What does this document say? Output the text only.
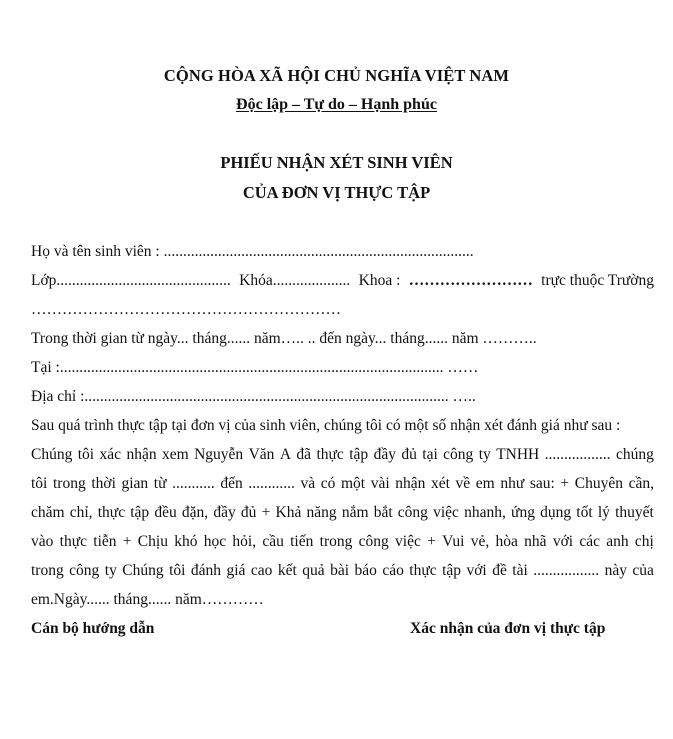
CỘNG HÒA XÃ HỘI CHỦ NGHĨA VIỆT NAM
Độc lập – Tự do – Hạnh phúc
PHIẾU NHẬN XÉT SINH VIÊN
CỦA ĐƠN VỊ THỰC TẬP
Họ và tên sinh viên : ................................................................................
Lớp............................................. Khóa.................... Khoa : …………………… trực thuộc Trường
……………………………………………………
Trong thời gian từ ngày... tháng...... năm….. .. đến ngày... tháng...... năm ………..
Tại :................................................................................................... ……
Địa chỉ :.............................................................................................. …..
Sau quá trình thực tập tại đơn vị của sinh viên, chúng tôi có một số nhận xét đánh giá như sau :
Chúng tôi xác nhận xem Nguyễn Văn A đã thực tập đầy đủ tại công ty TNHH ................. chúng
tôi trong thời gian từ ........... đến ............ và có một vài nhận xét về em như sau: + Chuyên cần,
chăm chỉ, thực tập đều đặn, đầy đủ + Khả năng nắm bắt công việc nhanh, ứng dụng tốt lý thuyết
vào thực tiễn + Chịu khó học hỏi, cầu tiến trong công việc + Vui vẻ, hòa nhã với các anh chị
trong công ty Chúng tôi đánh giá cao kết quả bài báo cáo thực tập với đề tài ................. này của
em.Ngày...... tháng...... năm…………
Cán bộ hướng dẫn	Xác nhận của đơn vị thực tập
